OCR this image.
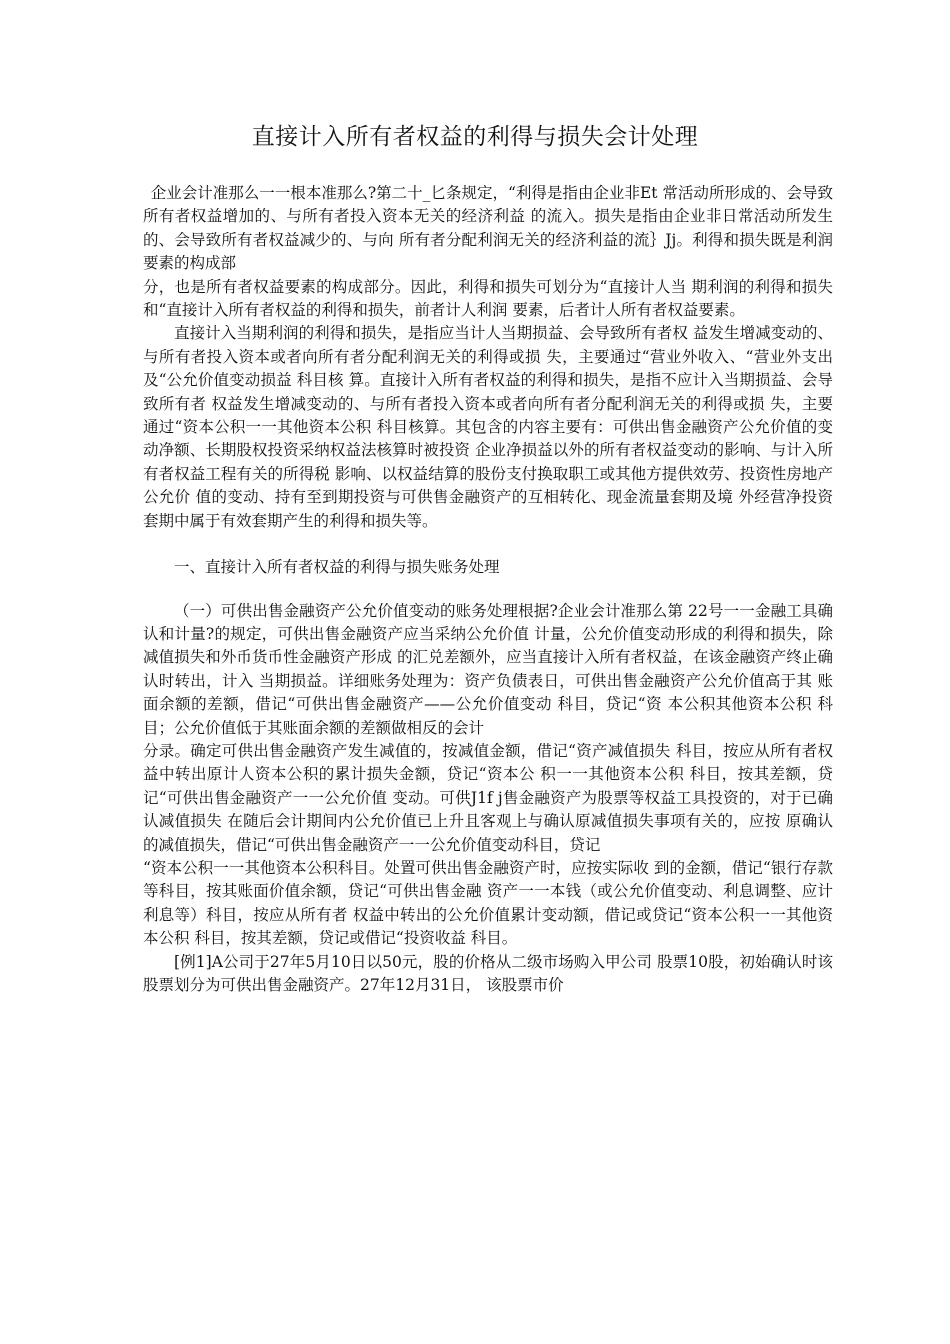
直接计入所有者权益的利得与损失会计处理

企业会计准那么一一根本准那么?第二十_匕条规定，“利得是指由企业非Et 常活动所形成的、会导致所有者权益增加的、与所有者投入资本无关的经济利益 的流入。损失是指由企业非日常活动所发生的、会导致所有者权益减少的、与向 所有者分配利润无关的经济利益的流｝Jj。利得和损失既是利润要素的构成部

分，也是所有者权益要素的构成部分。因此，利得和损失可划分为“直接计人当 期利润的利得和损失 和“直接计入所有者权益的利得和损失，前者计人利润 要素，后者计人所有者权益要素。

直接计入当期利润的利得和损失，是指应当计人当期损益、会导致所有者权 益发生增减变动的、与所有者投入资本或者向所有者分配利润无关的利得或损 失，主要通过“营业外收入、“营业外支出 及“公允价值变动损益 科目核 算。直接计入所有者权益的利得和损失，是指不应计入当期损益、会导致所有者 权益发生增减变动的、与所有者投入资本或者向所有者分配利润无关的利得或损 失，主要通过“资本公积一一其他资本公积 科目核算。其包含的内容主要有：可供出售金融资产公允价值的变动净额、长期股权投资采纳权益法核算时被投资 企业净损益以外的所有者权益变动的影响、与计入所有者权益工程有关的所得税 影响、以权益结算的股份支付换取职工或其他方提供效劳、投资性房地产公允价 值的变动、持有至到期投资与可供售金融资产的互相转化、现金流量套期及境 外经营净投资套期中属于有效套期产生的利得和损失等。

一、直接计入所有者权益的利得与损失账务处理

（一）可供出售金融资产公允价值变动的账务处理根据?企业会计准那么第 22号一一金融工具确认和计量?的规定，可供出售金融资产应当采纳公允价值 计量，公允价值变动形成的利得和损失，除减值损失和外币货币性金融资产形成 的汇兑差额外，应当直接计入所有者权益，在该金融资产终止确认时转出，计入 当期损益。详细账务处理为：资产负债表日，可供出售金融资产公允价值高于其 账面余额的差额，借记“可供出售金融资产——公允价值变动 科目，贷记“资 本公积其他资本公积 科目；公允价值低于其账面余额的差额做相反的会计

分录。确定可供出售金融资产发生减值的，按减值金额，借记“资产减值损失 科目，按应从所有者权益中转出原计人资本公积的累计损失金额，贷记“资本公 积一一其他资本公积 科目，按其差额，贷记“可供出售金融资产一一公允价值 变动。可供J1f j售金融资产为股票等权益工具投资的，对于已确认减值损失 在随后会计期间内公允价值已上升且客观上与确认原减值损失事项有关的，应按 原确认的减值损失，借记“可供出售金融资产一一公允价值变动科目，贷记

“资本公积一一其他资本公积科目。处置可供出售金融资产时，应按实际收 到的金额，借记“银行存款 等科目，按其账面价值余额，贷记“可供出售金融 资产一一本钱（或公允价值变动、利息调整、应计利息等）科目，按应从所有者 权益中转出的公允价值累计变动额，借记或贷记“资本公积一一其他资本公积 科目，按其差额，贷记或借记“投资收益 科目。

[例1]A公司于27年5月10日以50元，股的价格从二级市场购入甲公司 股票10股，初始确认时该股票划分为可供出售金融资产。27年12月31日， 该股票市价
